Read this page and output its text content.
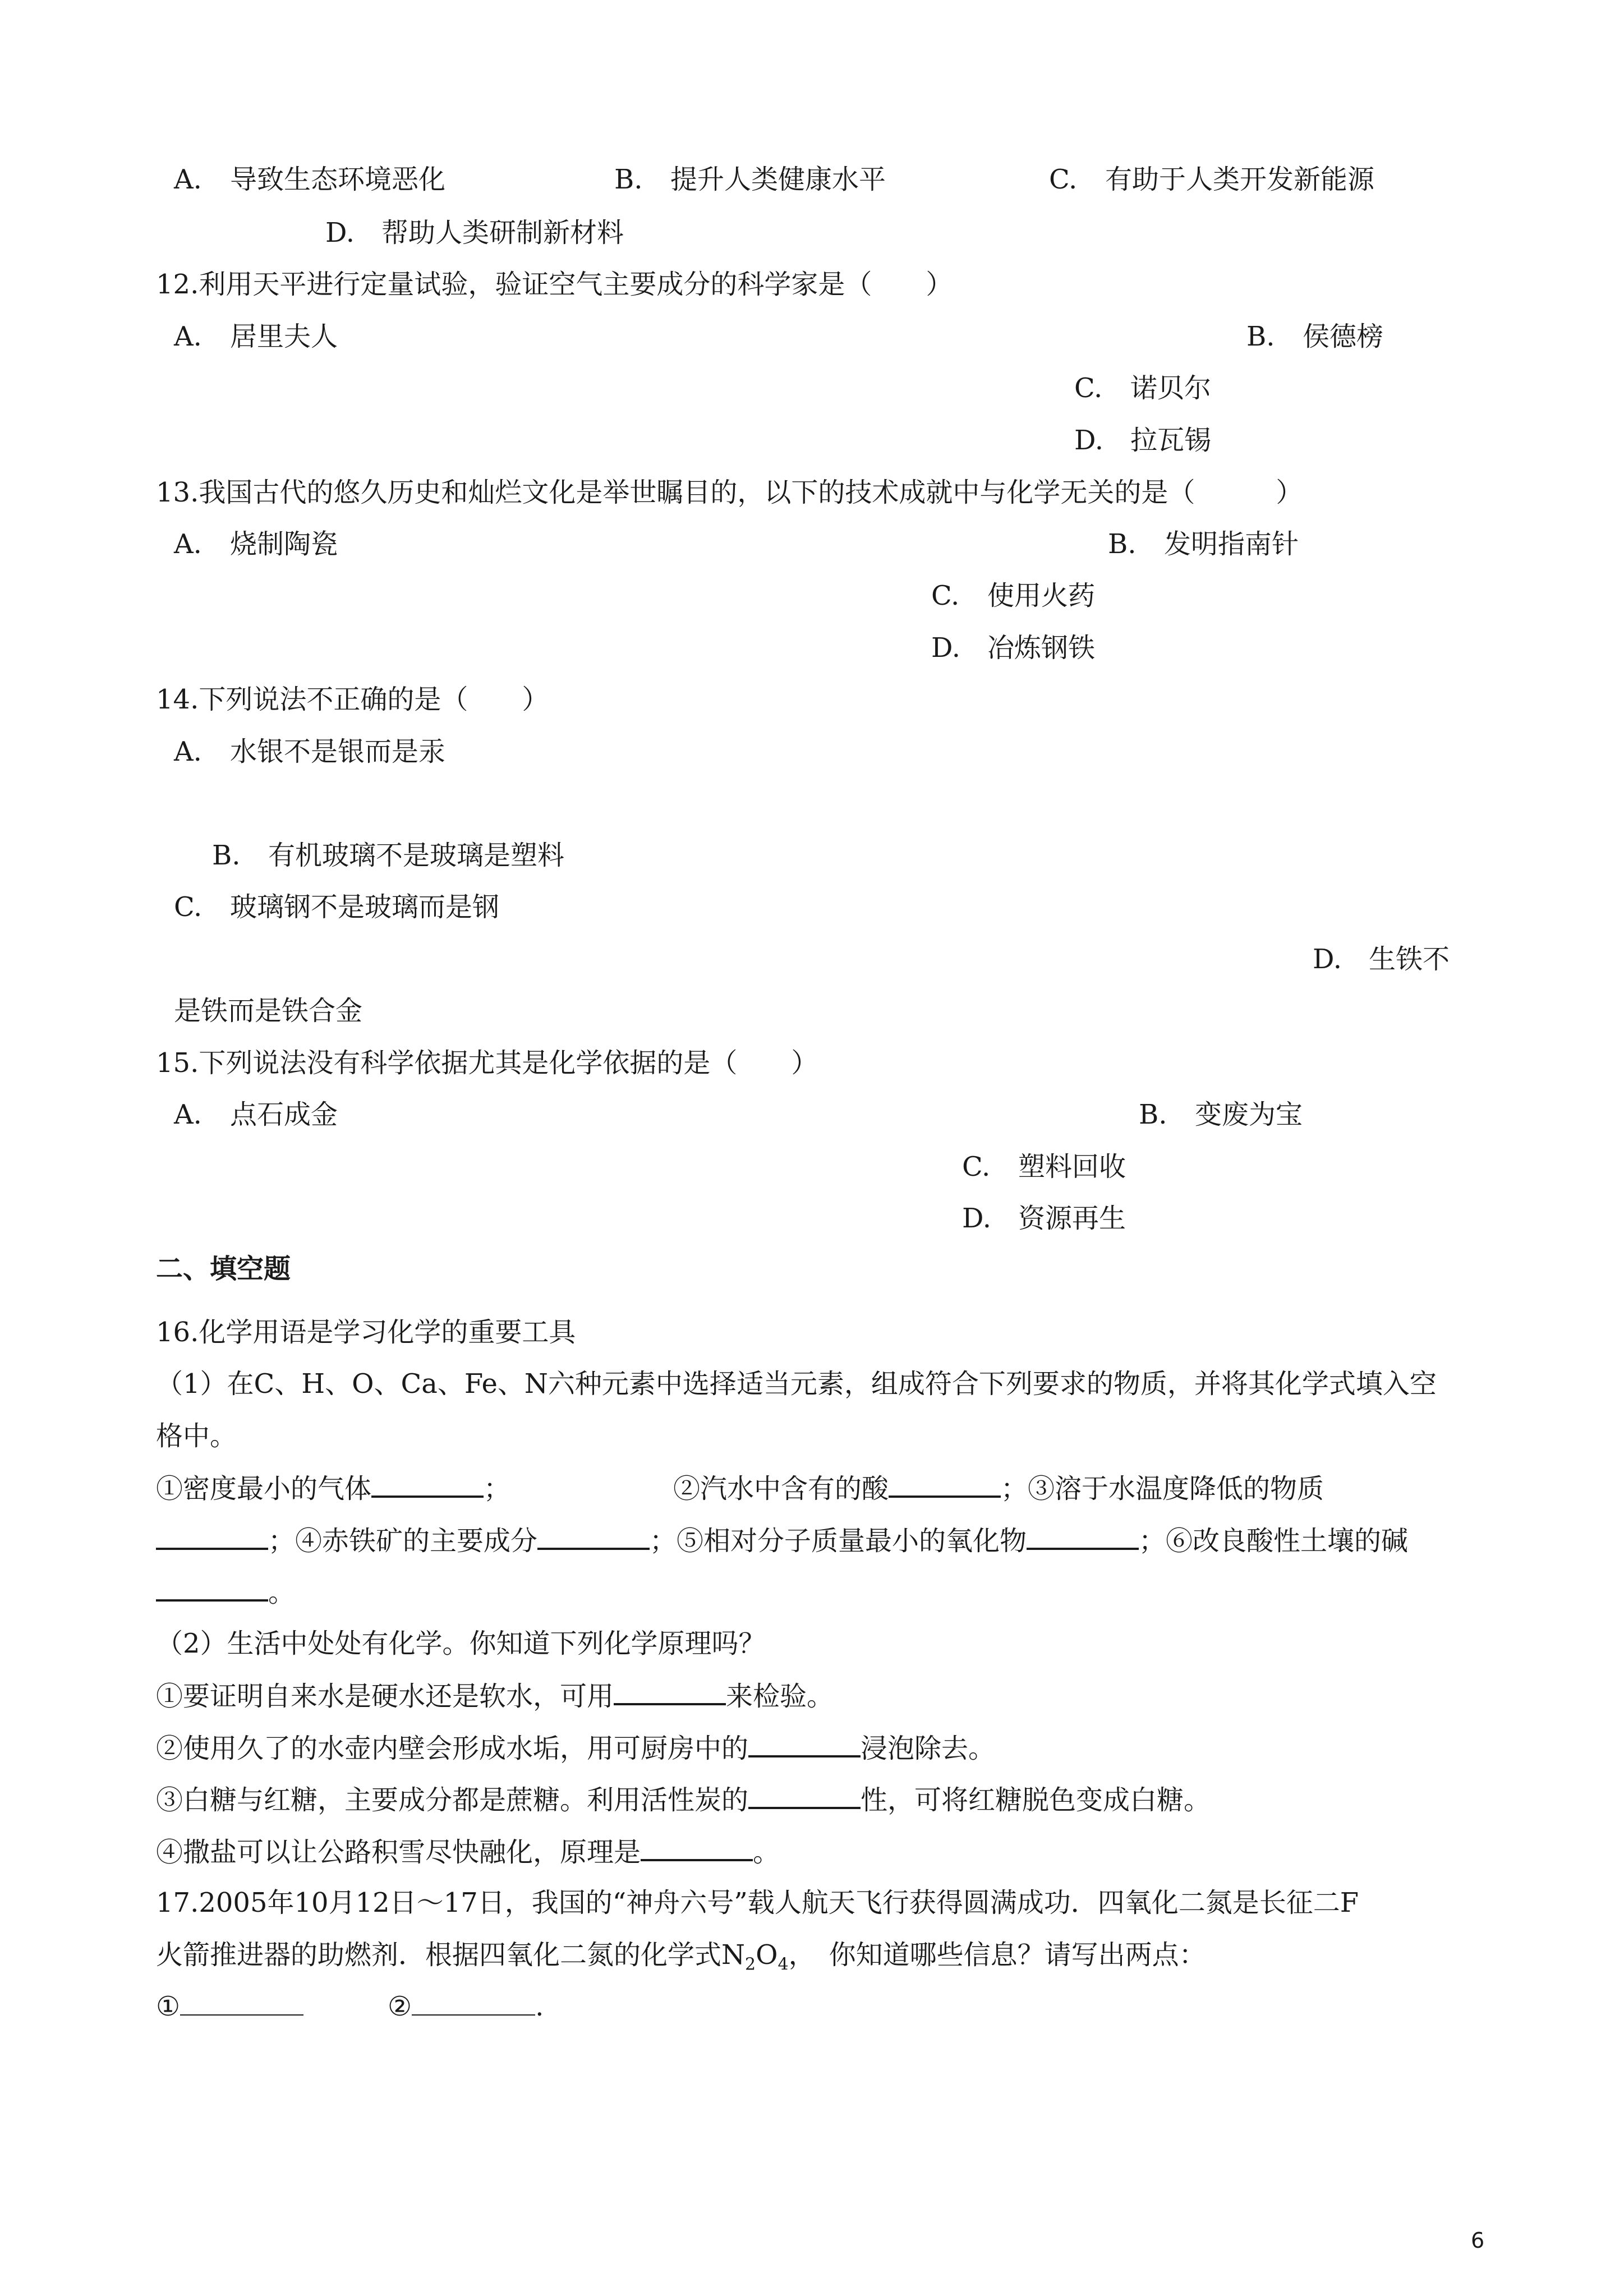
A. 导致生态环境恶化	B. 提升人类健康水平	C. 有助于人类开发新能源
D. 帮助人类研制新材料
12.利用天平进行定量试验，验证空气主要成分的科学家是（　　）
A. 居里夫人	B. 侯德榜
C. 诺贝尔
D. 拉瓦锡
13.我国古代的悠久历史和灿烂文化是举世瞩目的，以下的技术成就中与化学无关的是（　　　）
A. 烧制陶瓷	B. 发明指南针
C. 使用火药
D. 冶炼钢铁
14.下列说法不正确的是（　　）
A. 水银不是银而是汞
B. 有机玻璃不是玻璃是塑料
C. 玻璃钢不是玻璃而是钢
D. 生铁不
是铁而是铁合金
15.下列说法没有科学依据尤其是化学依据的是（　　）
A. 点石成金	B. 变废为宝
C. 塑料回收
D. 资源再生
二、填空题
16.化学用语是学习化学的重要工具
（1）在C、H、O、Ca、Fe、N六种元素中选择适当元素，组成符合下列要求的物质，并将其化学式填入空
格中。
①密度最小的气体	；	②汽水中含有的酸	；③溶于水温度降低的物质
；④赤铁矿的主要成分	；⑤相对分子质量最小的氧化物	；⑥改良酸性土壤的碱
。
（2）生活中处处有化学。你知道下列化学原理吗？
①要证明自来水是硬水还是软水，可用	来检验。
②使用久了的水壶内壁会形成水垢，用可厨房中的	浸泡除去。
③白糖与红糖，主要成分都是蔗糖。利用活性炭的	性，可将红糖脱色变成白糖。
④撒盐可以让公路积雪尽快融化，原理是	。
17.2005年10月12日～17日，我国的“神舟六号”载人航天飞行获得圆满成功．四氧化二氮是长征二F
火箭推进器的助燃剂．根据四氧化二氮的化学式$N_2O_4$，　你知道哪些信息？请写出两点：
①	②	.
6
